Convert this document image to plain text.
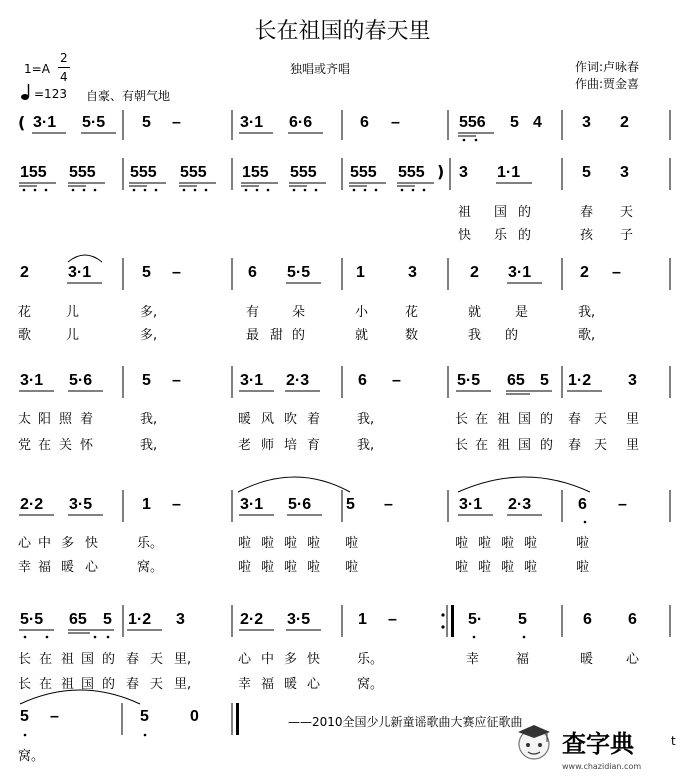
长在祖国的春天里
1=A
2
4
=123 自豪、有朝气地
独唱或齐唱	作词:卢咏春
作曲:贾金喜
( 3·1 5·5 5 –	3·1 6·6	6 –	556 5 4	3 2
155 555 555 555 155 555 555 555 ) 3 1·1	5 3
祖 国 的	春 天
快 乐 的	孩 子
2 3·1	5 –	6 5·5	1	3	2 3·1	2 –
花	儿	多,	有	朵	小	花	就	是	我,
歌	儿	多,	最 甜 的	就	数	我 的	歌,
3·1 5·6	5 –	3·1 2·3	6 –	5·5 65 5 1·2 3
太 阳 照 着	我,	暖 风 吹 着	我,	长 在 祖 国 的 春 天 里
党 在 关 怀	我,	老 师 培 育	我,	长 在 祖 国 的 春 天 里
2·2 3·5	1 –	3·1 5·6 5 –	3·1 2·3	6 –
心 中 多 快	乐。	啦 啦 啦 啦 啦	啦 啦 啦 啦	啦
幸 福 暖 心	窝。	啦 啦 啦 啦 啦	啦 啦 啦 啦	啦
5·5 65 5 1·2 3	2·2 3·5	1 –	5· 5	6 6
长 在 祖 国 的 春 天 里,	心 中 多 快	乐。	幸	福	暖	心
长 在 祖 国 的 春 天 里,	幸 福 暖 心	窝。
5 –	5	0	——2010全国少儿新童谣歌曲大赛应征歌曲
窝。	查字典
www.chazidian.com
t
